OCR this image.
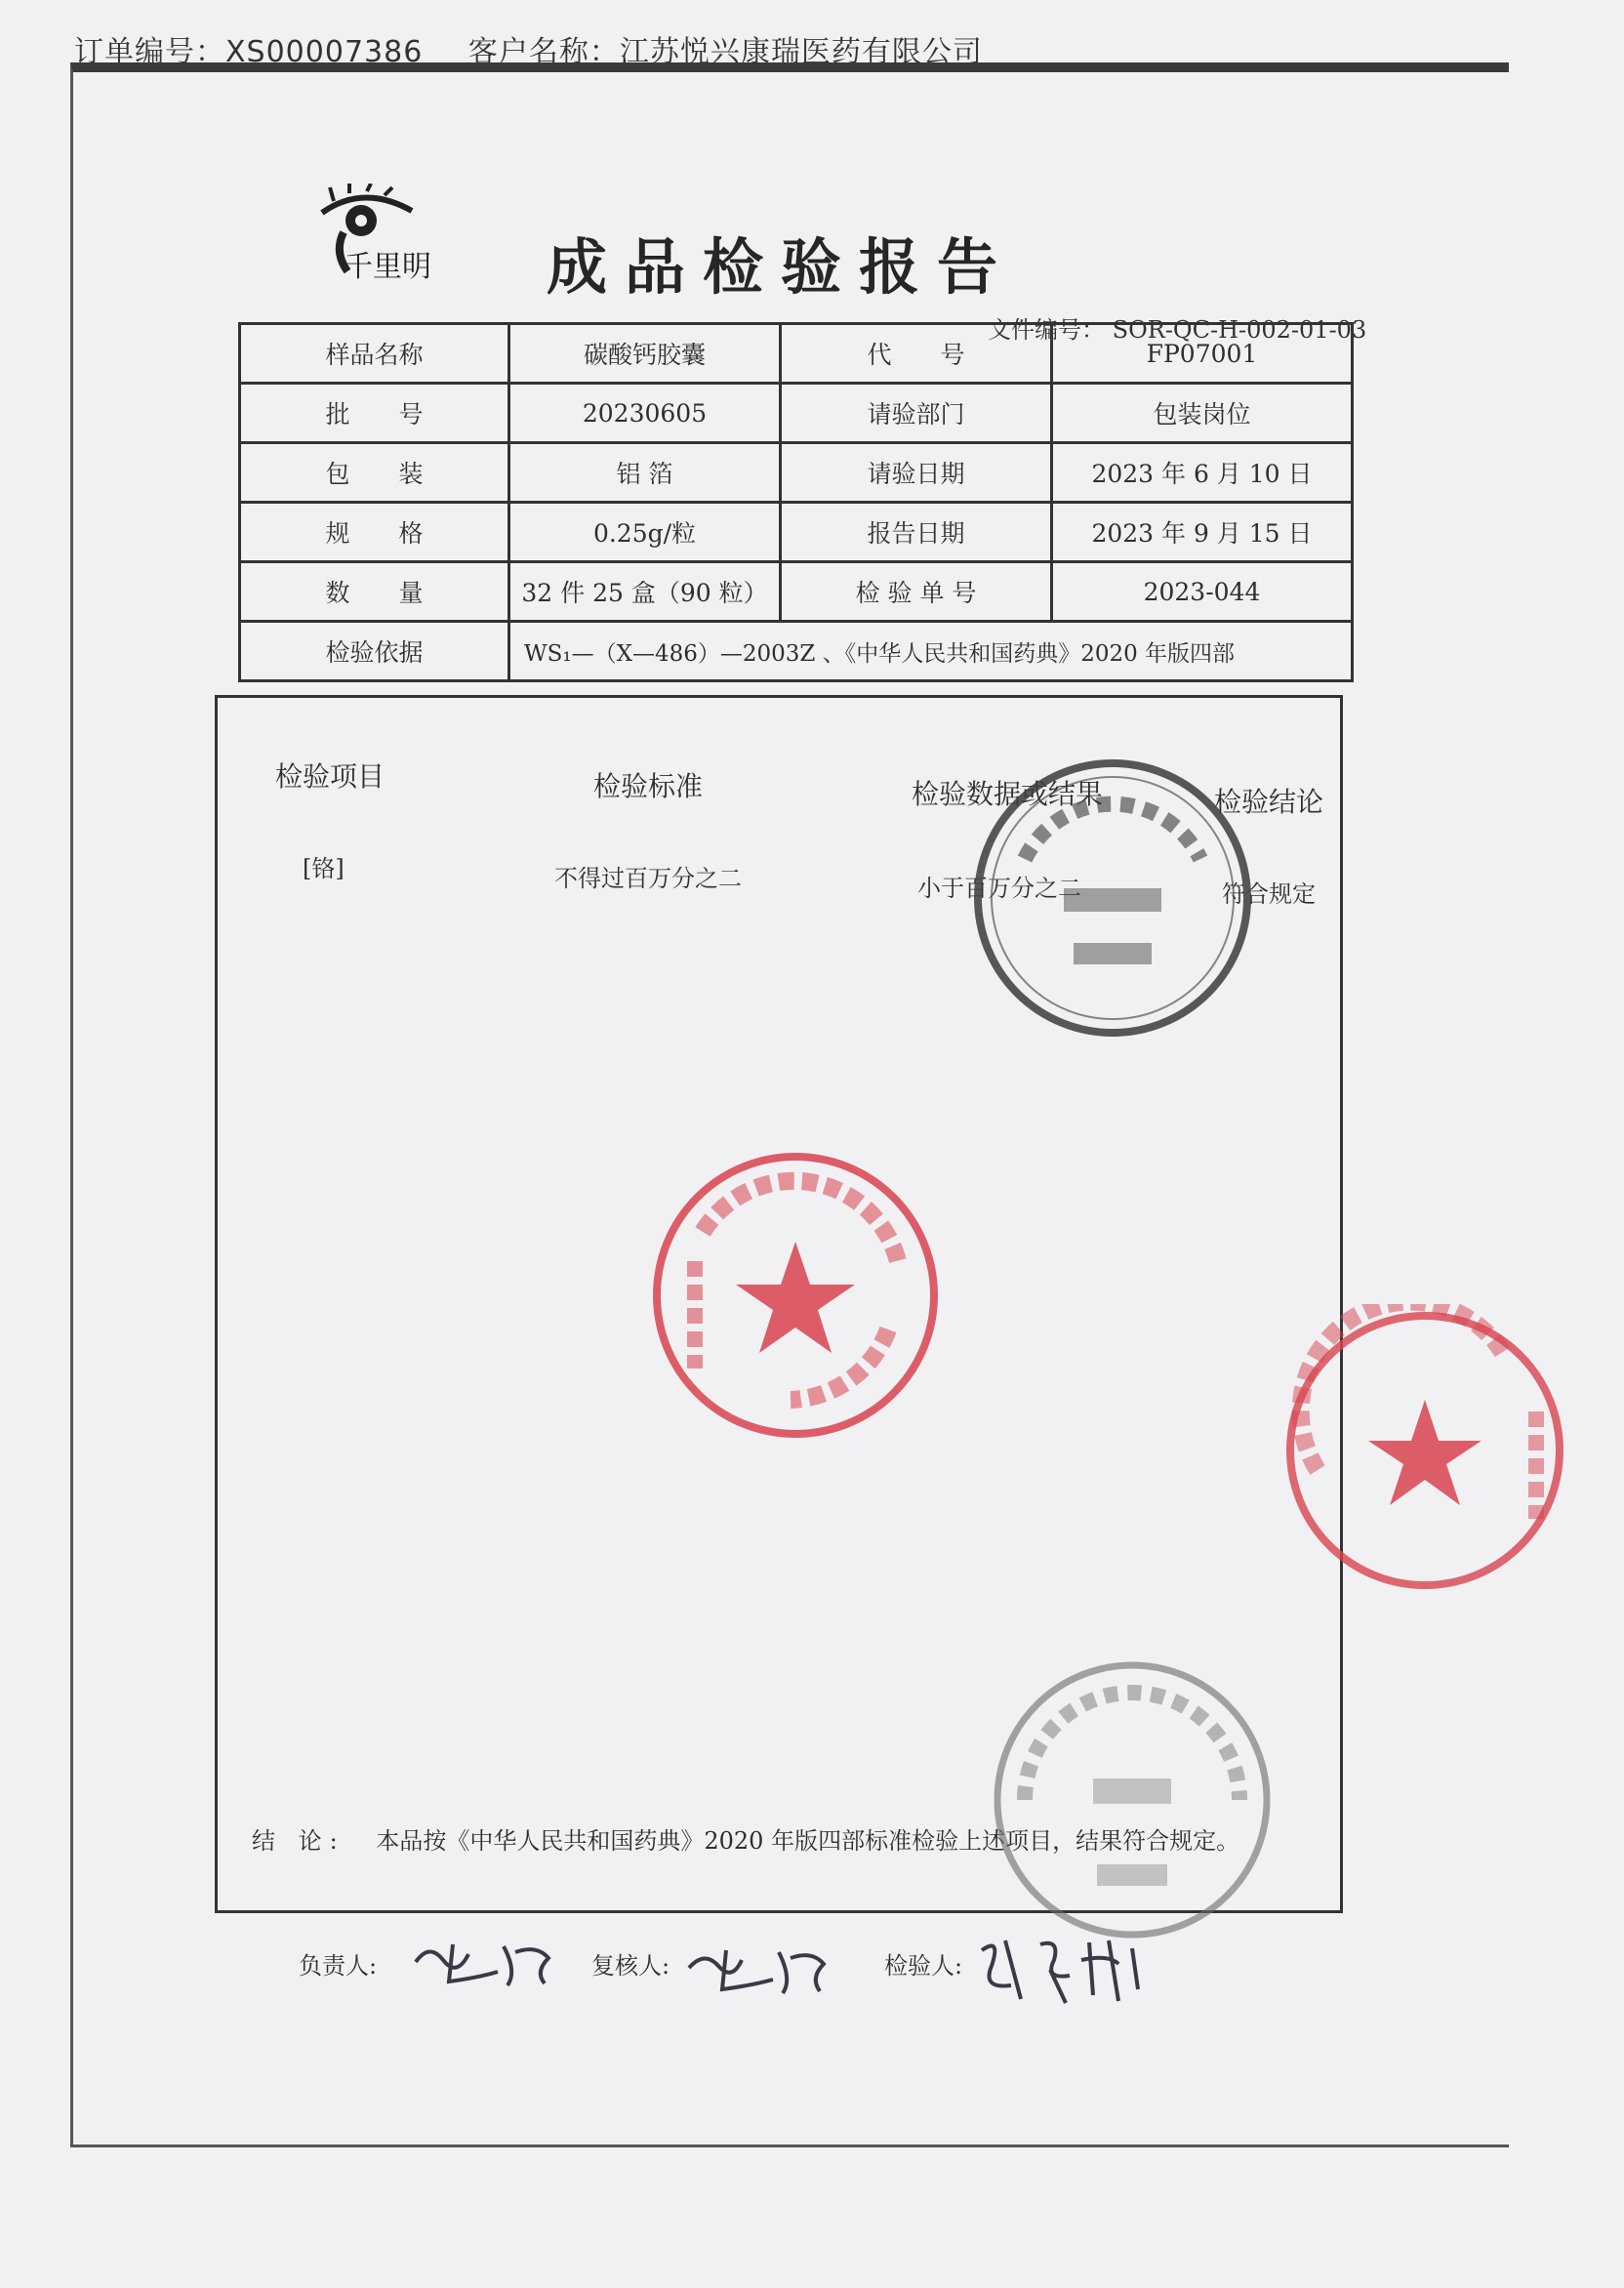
订单编号：XS00007386 客户名称：江苏悦兴康瑞医药有限公司
千里明 成品检验报告
文件编号： SOR-QC-H-002-01-03
样品名称	碳酸钙胶囊	代　　号	FP07001
批　　号	20230605	请验部门	包装岗位
包　　装	铝 箔	请验日期	2023 年 6 月 10 日
规　　格	0.25g/粒	报告日期	2023 年 9 月 15 日
数　　量	32 件 25 盒（90 粒）	检 验 单 号	2023-044
检验依据	WS₁—（X—486）—2003Z 、《中华人民共和国药典》2020 年版四部		
检验项目	检验标准	检验数据或结果	检验结论
[铬]	不得过百万分之二	小于百万分之二	符合规定
结 论: 本品按《中华人民共和国药典》2020 年版四部标准检验上述项目，结果符合规定。
负责人:	复核人:	检验人:
